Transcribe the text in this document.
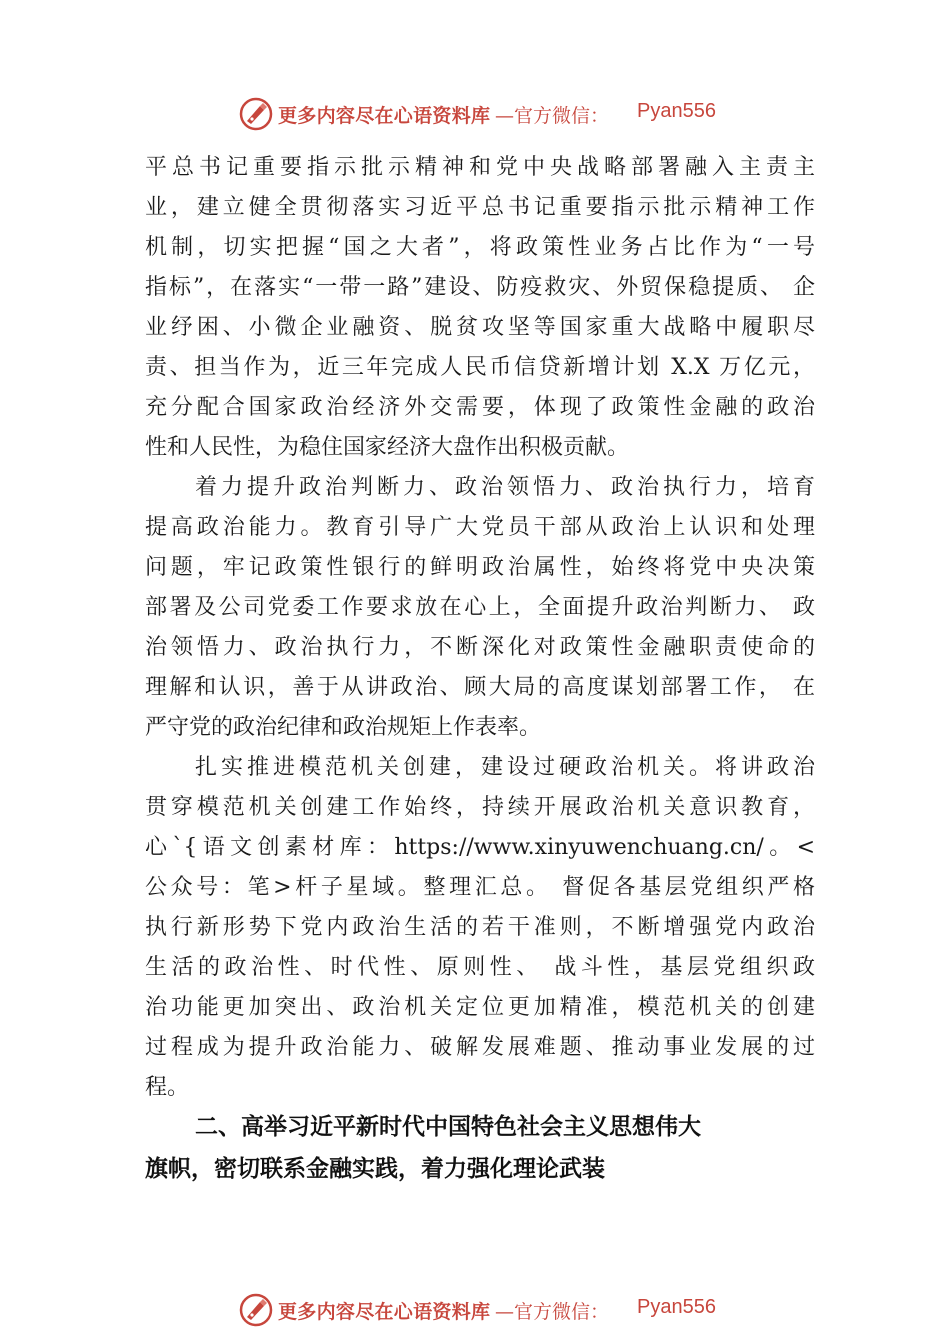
更多内容尽在心语资料库 —官方微信： Pyan556
平总书记重要指示批示精神和党中央战略部署融入主责主
业，建立健全贯彻落实习近平总书记重要指示批示精神工作
机制，切实把握“国之大者”，将政策性业务占比作为“一号
指标”，在落实“一带一路”建设、防疫救灾、外贸保稳提质、 企
业纾困、小微企业融资、脱贫攻坚等国家重大战略中履职尽
责、担当作为，近三年完成人民币信贷新增计划 X.X 万亿元，
充分配合国家政治经济外交需要，体现了政策性金融的政治
性和人民性，为稳住国家经济大盘作出积极贡献。
着力提升政治判断力、政治领悟力、政治执行力，培育
提高政治能力。教育引导广大党员干部从政治上认识和处理
问题，牢记政策性银行的鲜明政治属性，始终将党中央决策
部署及公司党委工作要求放在心上，全面提升政治判断力、 政
治领悟力、政治执行力，不断深化对政策性金融职责使命的
理解和认识，善于从讲政治、顾大局的高度谋划部署工作， 在
严守党的政治纪律和政治规矩上作表率。
扎实推进模范机关创建，建设过硬政治机关。将讲政治
贯穿模范机关创建工作始终，持续开展政治机关意识教育，
心`{语文创素材库：https://www.xinyuwenchuang.cn/。<
公众号：笔>杆子星域。整理汇总。 督促各基层党组织严格
执行新形势下党内政治生活的若干准则，不断增强党内政治
生活的政治性、时代性、原则性、 战斗性，基层党组织政
治功能更加突出、政治机关定位更加精准，模范机关的创建
过程成为提升政治能力、破解发展难题、推动事业发展的过
程。
二、高举习近平新时代中国特色社会主义思想伟大
旗帜，密切联系金融实践，着力强化理论武装
更多内容尽在心语资料库 —官方微信： Pyan556
